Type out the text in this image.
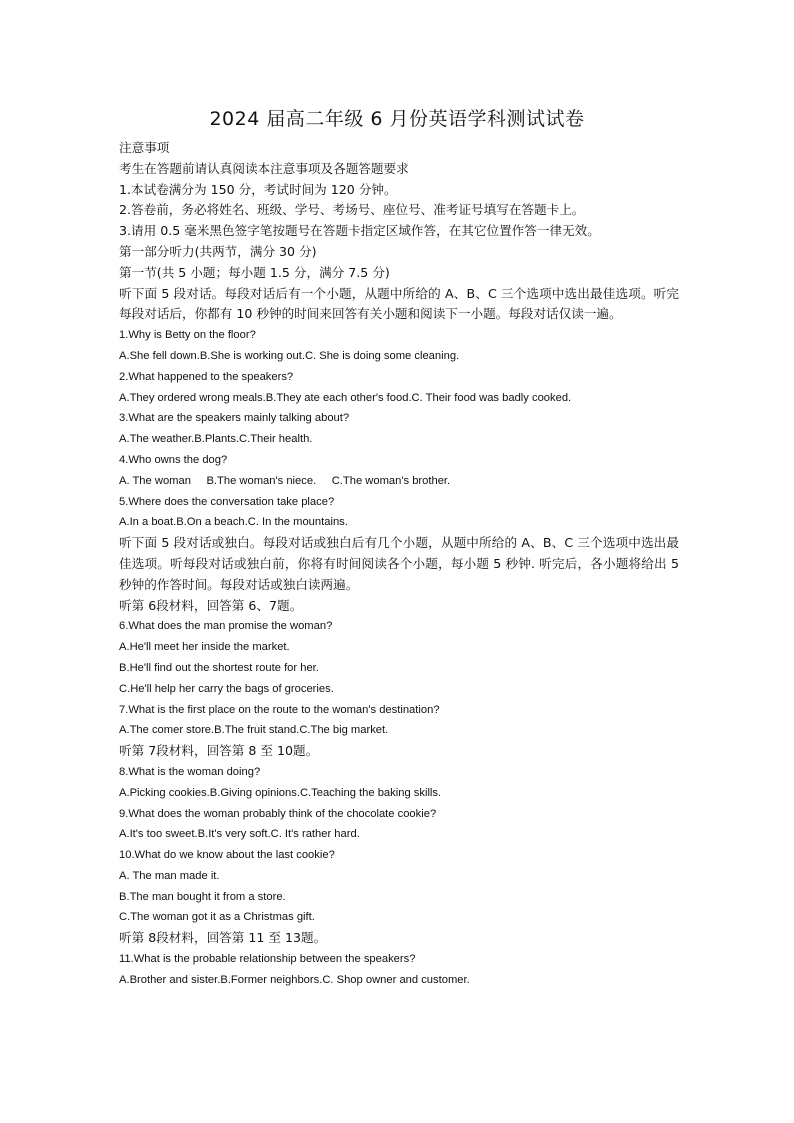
2024 届高二年级 6 月份英语学科测试试卷
注意事项
考生在答题前请认真阅读本注意事项及各题答题要求
1.本试卷满分为 150 分，考试时间为 120 分钟。
2.答卷前，务必将姓名、班级、学号、考场号、座位号、准考证号填写在答题卡上。
3.请用 0.5 毫米黑色签字笔按题号在答题卡指定区域作答，在其它位置作答一律无效。
第一部分听力(共两节，满分 30 分)
第一节(共 5 小题；每小题 1.5 分，满分 7.5 分)
听下面 5 段对话。每段对话后有一个小题，从题中所给的 A、B、C 三个选项中选出最佳选项。听完每段对话后，你都有 10 秒钟的时间来回答有关小题和阅读下一小题。每段对话仅读一遍。
1.Why is Betty on the floor?
A.She fell down.B.She is working out.C. She is doing some cleaning.
2.What happened to the speakers?
A.They ordered wrong meals.B.They ate each other's food.C. Their food was badly cooked.
3.What are the speakers mainly talking about?
A.The weather.B.Plants.C.Their health.
4.Who owns the dog?
A. The woman     B.The woman's niece.     C.The woman's brother.
5.Where does the conversation take place?
A.In a boat.B.On a beach.C. In the mountains.
听下面 5 段对话或独白。每段对话或独白后有几个小题，从题中所给的 A、B、C 三个选项中选出最佳选项。听每段对话或独白前，你将有时间阅读各个小题，每小题 5 秒钟. 听完后，各小题将给出 5 秒钟的作答时间。每段对话或独白读两遍。
听第 6段材料，回答第 6、7题。
6.What does the man promise the woman?
A.He'll meet her inside the market.
B.He'll find out the shortest route for her.
C.He'll help her carry the bags of groceries.
7.What is the first place on the route to the woman's destination?
A.The comer store.B.The fruit stand.C.The big market.
听第 7段材料，回答第 8 至 10题。
8.What is the woman doing?
A.Picking cookies.B.Giving opinions.C.Teaching the baking skills.
9.What does the woman probably think of the chocolate cookie?
A.It's too sweet.B.It's very soft.C. It's rather hard.
10.What do we know about the last cookie?
A. The man made it.
B.The man bought it from a store.
C.The woman got it as a Christmas gift.
听第 8段材料，回答第 11 至 13题。
11.What is the probable relationship between the speakers?
A.Brother and sister.B.Former neighbors.C. Shop owner and customer.
